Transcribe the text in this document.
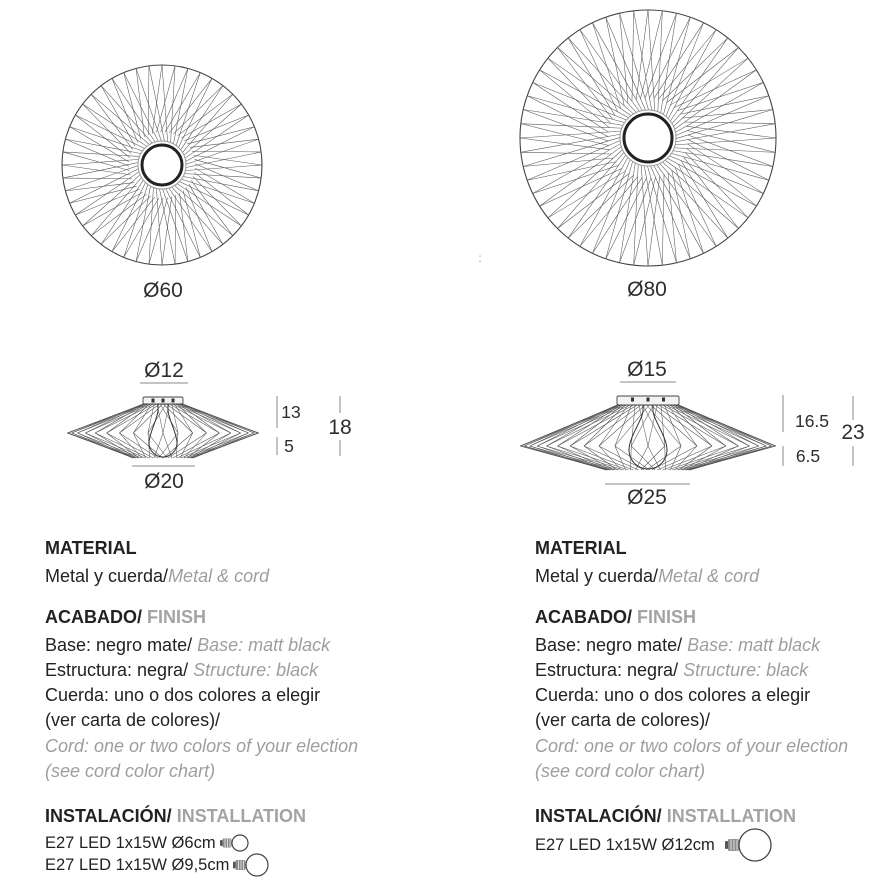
Ø60	Ø80
:
Ø12
Ø20
13
5
18
Ø15
Ø25
16.5
6.5
23
MATERIAL
Metal y cuerda/Metal & cord
ACABADO/ FINISH
Base: negro mate/ Base: matt black
Estructura: negra/ Structure: black
Cuerda: uno o dos colores a elegir
(ver carta de colores)/
Cord: one or two colors of your election
(see cord color chart)
INSTALACIÓN/ INSTALLATION
E27 LED 1x15W Ø6cm
E27 LED 1x15W Ø9,5cm
MATERIAL
Metal y cuerda/Metal & cord
ACABADO/ FINISH
Base: negro mate/ Base: matt black
Estructura: negra/ Structure: black
Cuerda: uno o dos colores a elegir
(ver carta de colores)/
Cord: one or two colors of your election
(see cord color chart)
INSTALACIÓN/ INSTALLATION
E27 LED 1x15W Ø12cm
